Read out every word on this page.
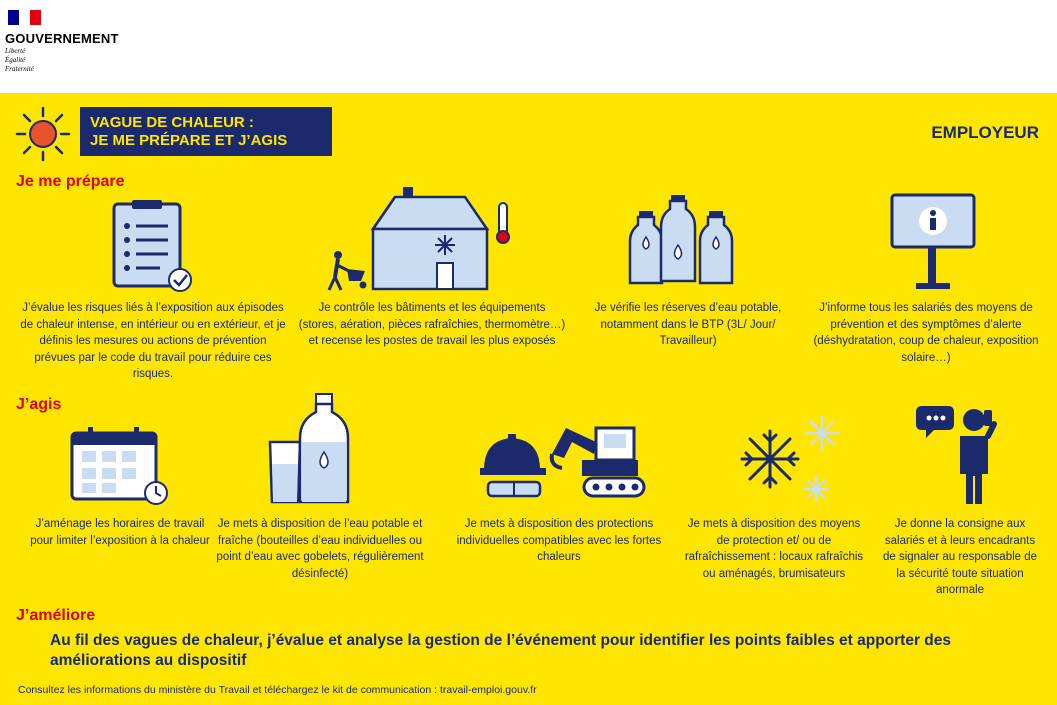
GOUVERNEMENT
Liberté
Égalité
Fraternité
VAGUE DE CHALEUR :
JE ME PRÉPARE ET J’AGIS	EMPLOYEUR
Je me prépare
J’évalue les risques liés à l’exposition aux épisodes de chaleur intense, en intérieur ou en extérieur, et je définis les mesures ou actions de prévention prévues par le code du travail pour réduire ces risques.
Je contrôle les bâtiments et les équipements (stores, aération, pièces rafraîchies, thermomètre…) et recense les postes de travail les plus exposés
Je vérifie les réserves d’eau potable, notamment dans le BTP (3L/ Jour/ Travailleur)
J’informe tous les salariés des moyens de prévention et des symptômes d’alerte (déshydratation, coup de chaleur, exposition solaire…)
J’agis
J’aménage les horaires de travail pour limiter l’exposition à la chaleur
Je mets à disposition de l’eau potable et fraîche (bouteilles d’eau individuelles ou point d’eau avec gobelets, régulièrement désinfecté)
Je mets à disposition des protections individuelles compatibles avec les fortes chaleurs
Je mets à disposition des moyens de protection et/ ou de rafraîchissement : locaux rafraîchis ou aménagés, brumisateurs
Je donne la consigne aux salariés et à leurs encadrants de signaler au responsable de la sécurité toute situation anormale
J’améliore
Au fil des vagues de chaleur, j’évalue et analyse la gestion de l’événement pour identifier les points faibles et apporter des améliorations au dispositif
Consultez les informations du ministère du Travail et téléchargez le kit de communication : travail-emploi.gouv.fr
